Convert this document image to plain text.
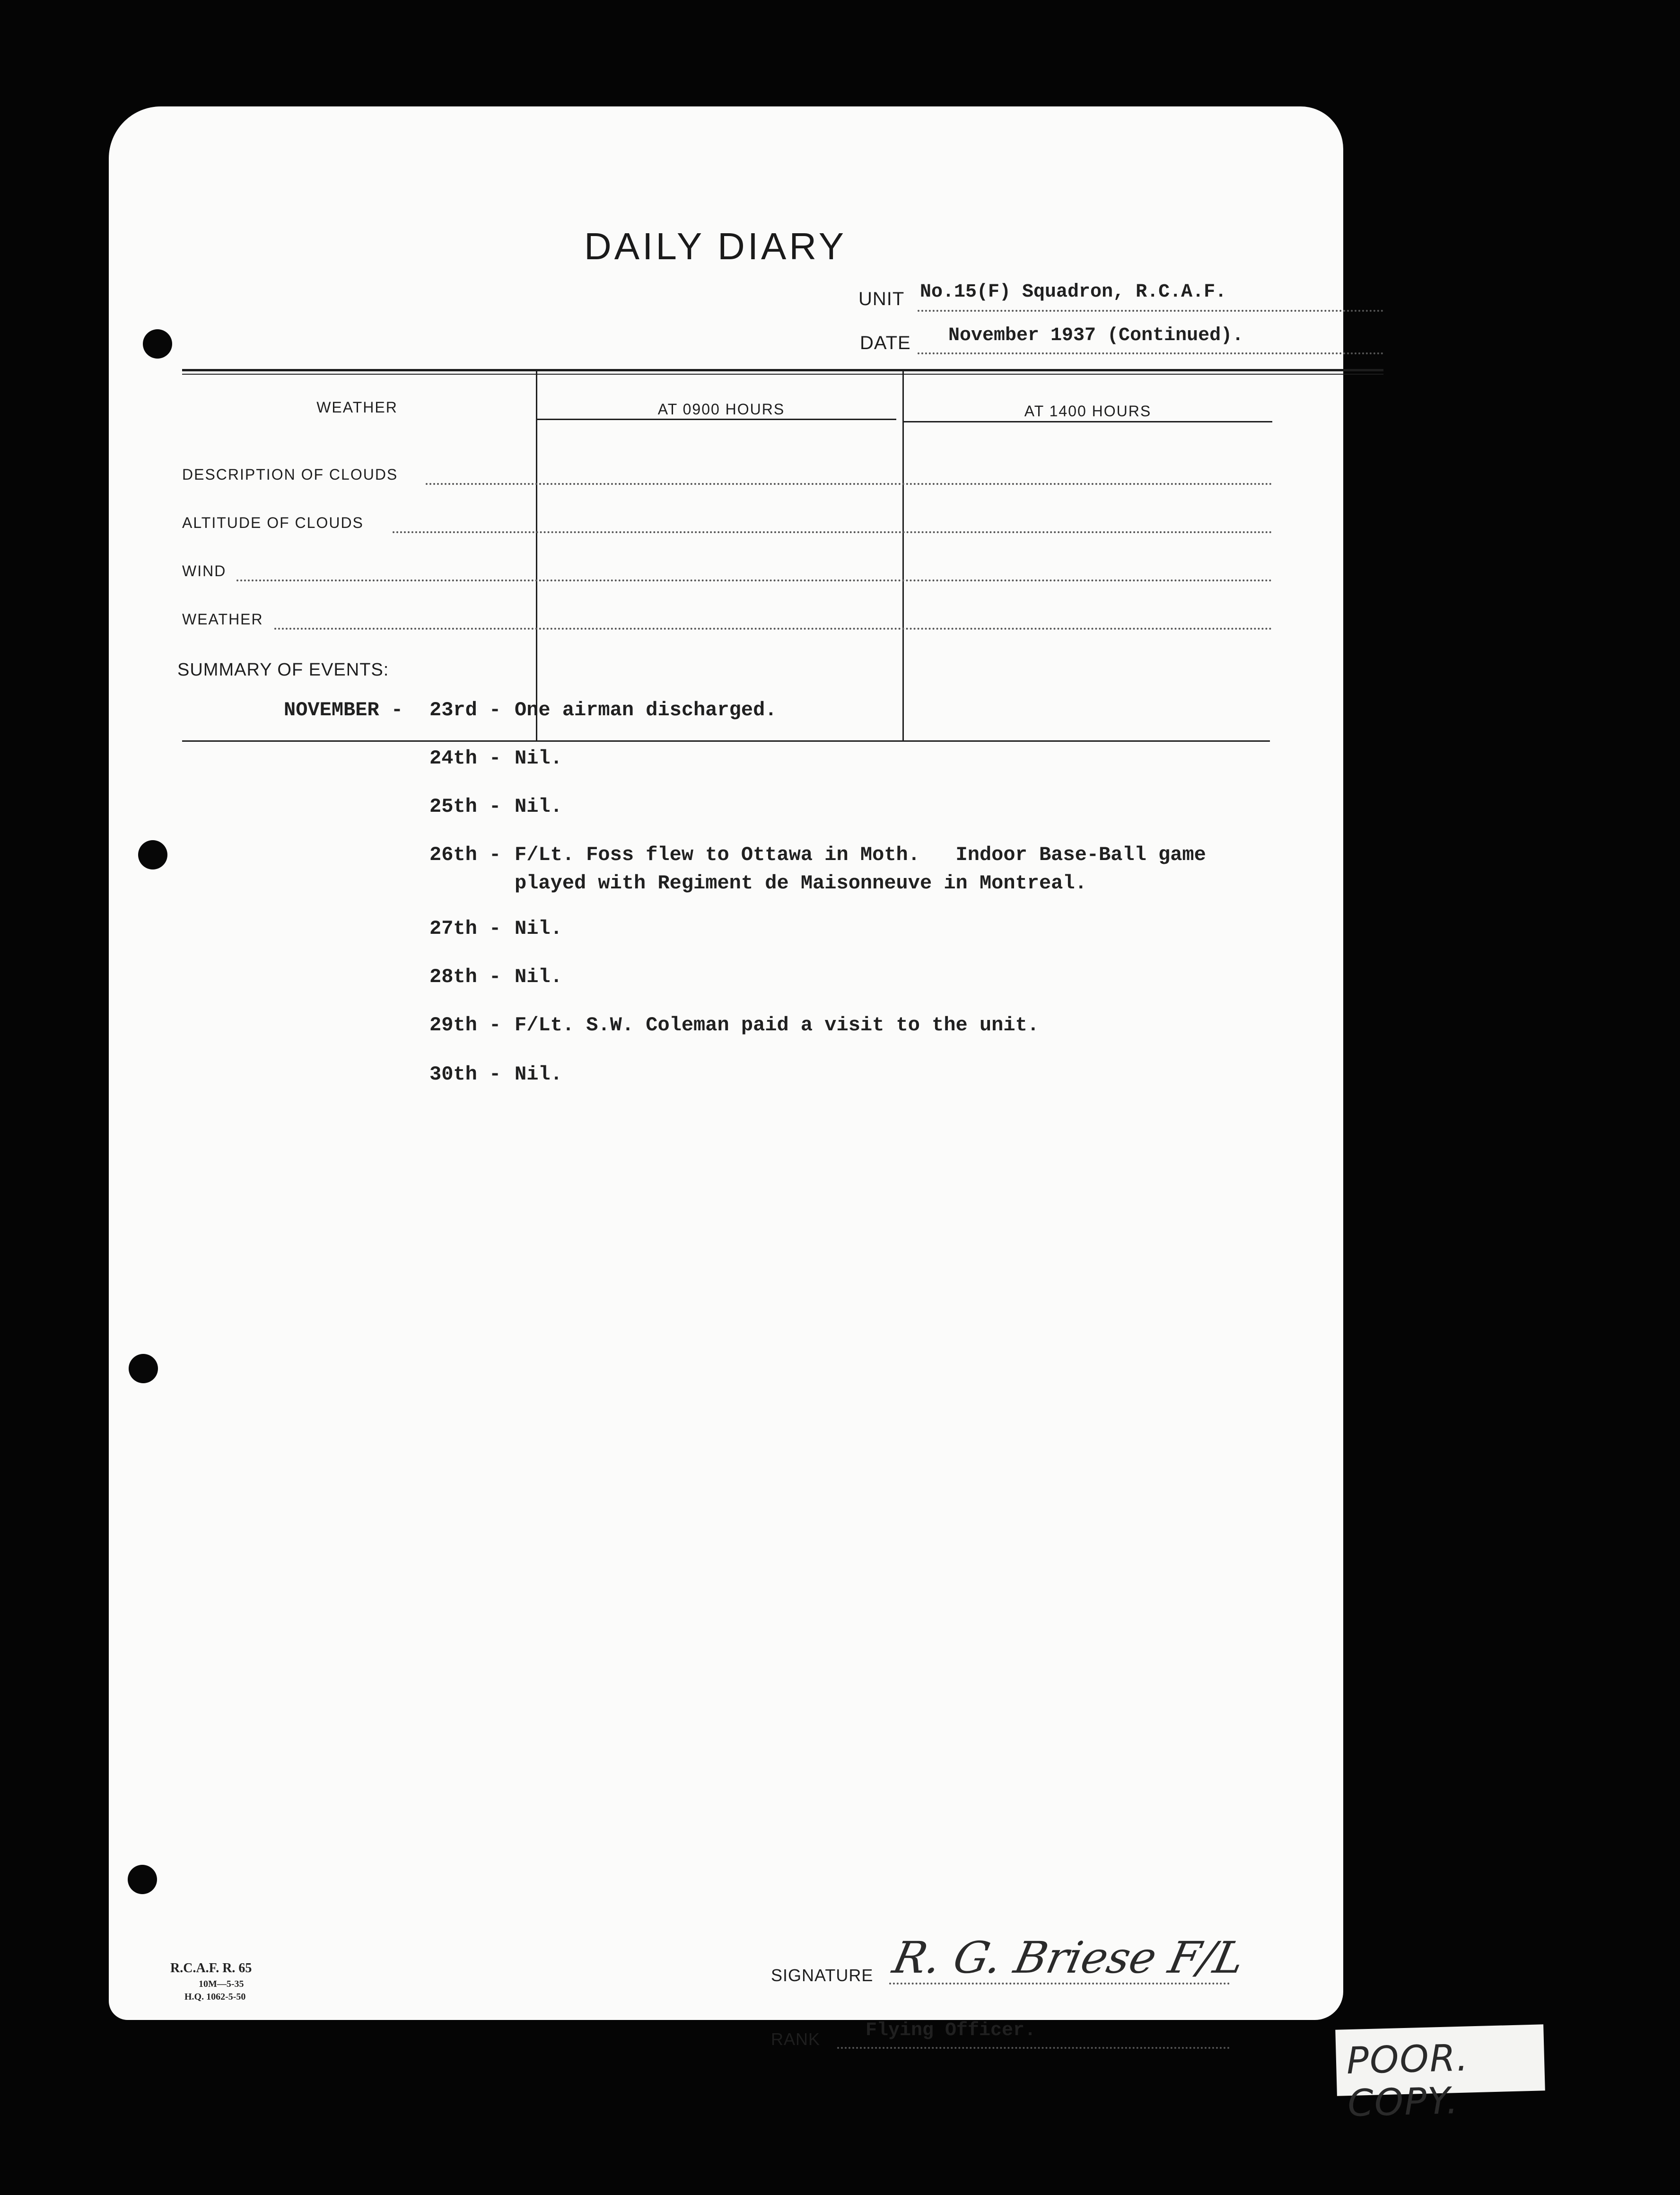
DAILY DIARY
UNIT No.15(F) Squadron, R.C.A.F.
DATE November 1937 (Continued).
WEATHER	AT 0900 HOURS	AT 1400 HOURS
DESCRIPTION OF CLOUDS
ALTITUDE OF CLOUDS
WIND
WEATHER
SUMMARY OF EVENTS:
NOVEMBER - 23rd - One airman discharged.
24th - Nil.
25th - Nil.
26th - F/Lt. Foss flew to Ottawa in Moth.   Indoor Base-Ball game
played with Regiment de Maisonneuve in Montreal.
27th - Nil.
28th - Nil.
29th - F/Lt. S.W. Coleman paid a visit to the unit.
30th - Nil.
R.C.A.F. R. 65
10M—5-35
H.Q. 1062-5-50
SIGNATURE R. G. Briese F/L
RANK Flying Officer.
POOR. COPY.
